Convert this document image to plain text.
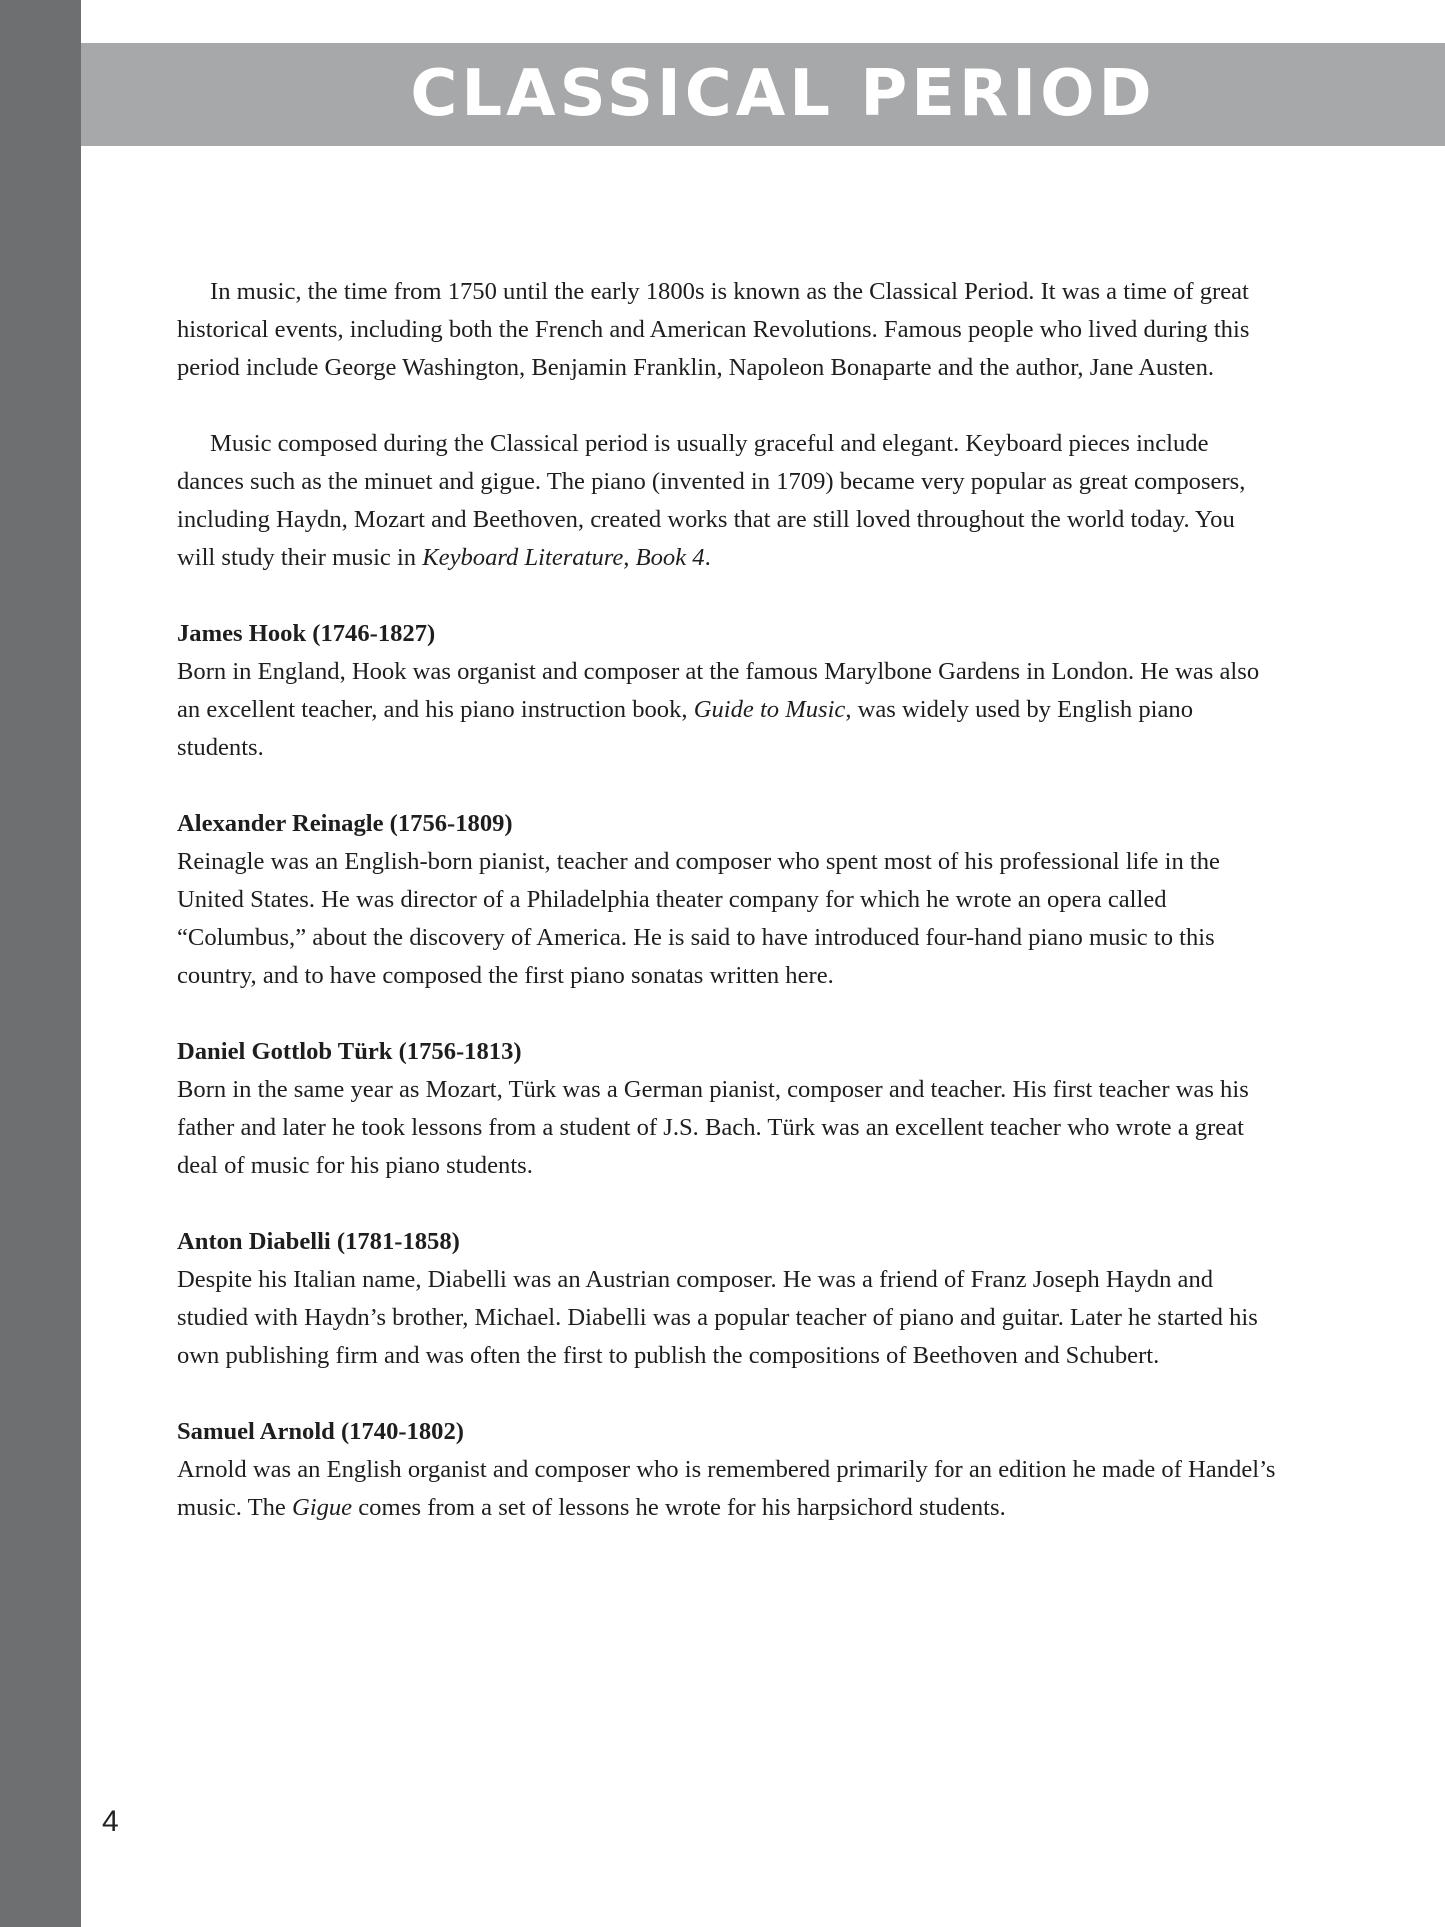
CLASSICAL PERIOD

In music, the time from 1750 until the early 1800s is known as the Classical Period. It was a time of great historical events, including both the French and American Revolutions. Famous people who lived during this period include George Washington, Benjamin Franklin, Napoleon Bonaparte and the author, Jane Austen.

Music composed during the Classical period is usually graceful and elegant. Keyboard pieces include dances such as the minuet and gigue. The piano (invented in 1709) became very popular as great composers, including Haydn, Mozart and Beethoven, created works that are still loved throughout the world today. You will study their music in Keyboard Literature, Book 4.

James Hook (1746-1827)

Born in England, Hook was organist and composer at the famous Marylbone Gardens in London. He was also an excellent teacher, and his piano instruction book, Guide to Music, was widely used by English piano students.

Alexander Reinagle (1756-1809)

Reinagle was an English-born pianist, teacher and composer who spent most of his professional life in the United States. He was director of a Philadelphia theater company for which he wrote an opera called “Columbus,” about the discovery of America. He is said to have introduced four-hand piano music to this country, and to have composed the first piano sonatas written here.

Daniel Gottlob Türk (1756-1813)

Born in the same year as Mozart, Türk was a German pianist, composer and teacher. His first teacher was his father and later he took lessons from a student of J.S. Bach. Türk was an excellent teacher who wrote a great deal of music for his piano students.

Anton Diabelli (1781-1858)

Despite his Italian name, Diabelli was an Austrian composer. He was a friend of Franz Joseph Haydn and studied with Haydn’s brother, Michael. Diabelli was a popular teacher of piano and guitar. Later he started his own publishing firm and was often the first to publish the compositions of Beethoven and Schubert.

Samuel Arnold (1740-1802)

Arnold was an English organist and composer who is remembered primarily for an edition he made of Handel’s music. The Gigue comes from a set of lessons he wrote for his harpsichord students.

4
